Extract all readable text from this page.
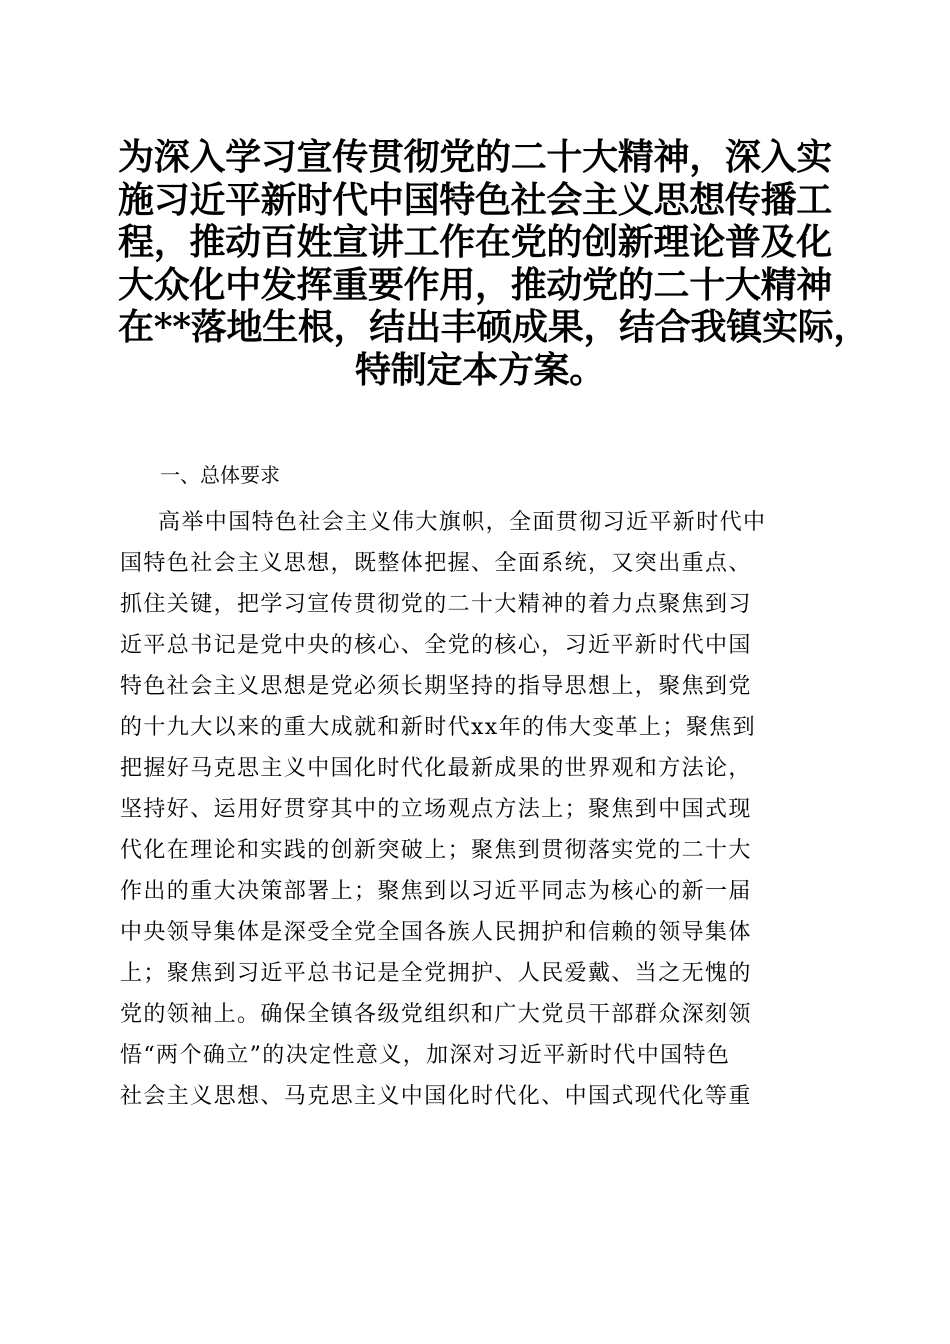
为深入学习宣传贯彻党的二十大精神，深入实
施习近平新时代中国特色社会主义思想传播工
程，推动百姓宣讲工作在党的创新理论普及化
大众化中发挥重要作用，推动党的二十大精神
在**落地生根，结出丰硕成果，结合我镇实际，
特制定本方案。
一、总体要求
高举中国特色社会主义伟大旗帜，全面贯彻习近平新时代中
国特色社会主义思想，既整体把握、全面系统，又突出重点、
抓住关键，把学习宣传贯彻党的二十大精神的着力点聚焦到习
近平总书记是党中央的核心、全党的核心，习近平新时代中国
特色社会主义思想是党必须长期坚持的指导思想上，聚焦到党
的十九大以来的重大成就和新时代xx年的伟大变革上；聚焦到
把握好马克思主义中国化时代化最新成果的世界观和方法论，
坚持好、运用好贯穿其中的立场观点方法上；聚焦到中国式现
代化在理论和实践的创新突破上；聚焦到贯彻落实党的二十大
作出的重大决策部署上；聚焦到以习近平同志为核心的新一届
中央领导集体是深受全党全国各族人民拥护和信赖的领导集体
上；聚焦到习近平总书记是全党拥护、人民爱戴、当之无愧的
党的领袖上。确保全镇各级党组织和广大党员干部群众深刻领
悟“两个确立”的决定性意义，加深对习近平新时代中国特色
社会主义思想、马克思主义中国化时代化、中国式现代化等重
